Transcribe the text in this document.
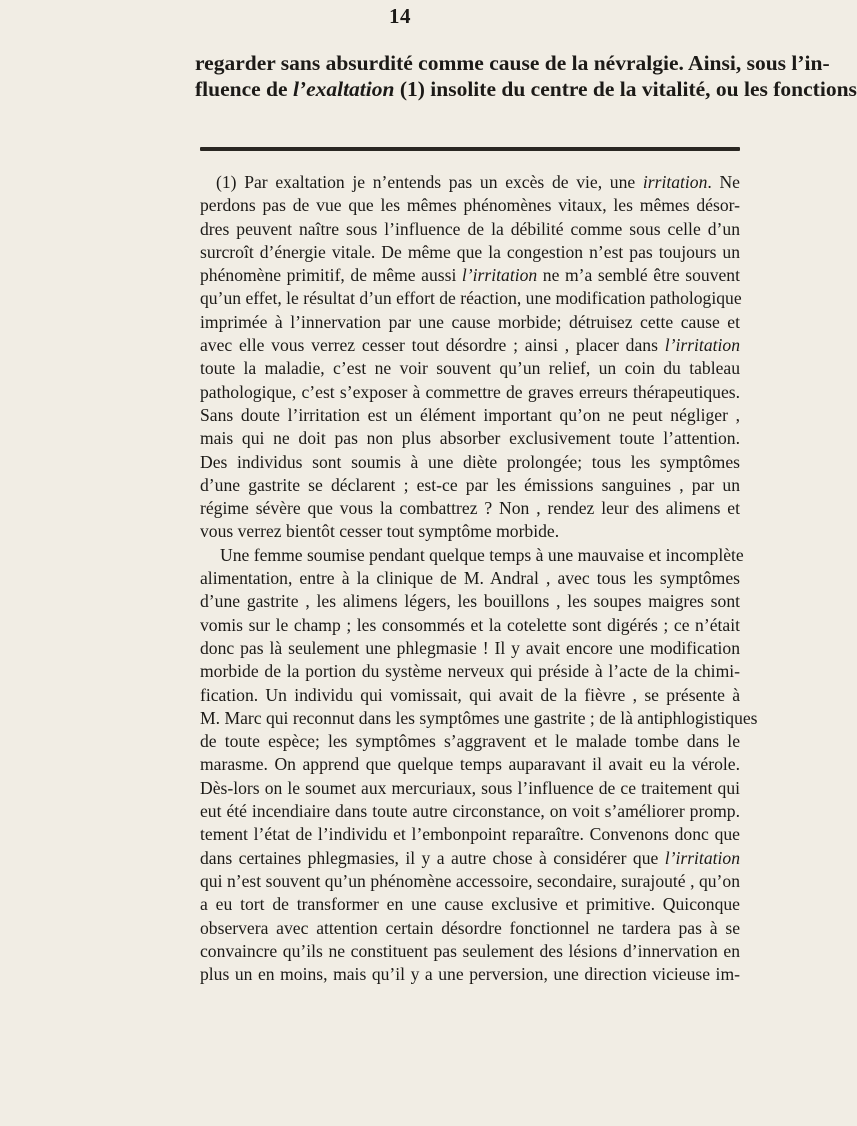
14
regarder sans absurdité comme cause de la névralgie. Ainsi, sous l’in-
fluence de l’exaltation (1) insolite du centre de la vitalité, ou les fonctions
(1) Par exaltation je n’entends pas un excès de vie, une irritation. Ne
perdons pas de vue que les mêmes phénomènes vitaux, les mêmes désor-
dres peuvent naître sous l’influence de la débilité comme sous celle d’un
surcroît d’énergie vitale. De même que la congestion n’est pas toujours un
phénomène primitif, de même aussi l’irritation ne m’a semblé être souvent
qu’un effet, le résultat d’un effort de réaction, une modification pathologique
imprimée à l’innervation par une cause morbide; détruisez cette cause et
avec elle vous verrez cesser tout désordre ; ainsi , placer dans l’irritation
toute la maladie, c’est ne voir souvent qu’un relief, un coin du tableau
pathologique, c’est s’exposer à commettre de graves erreurs thérapeutiques.
Sans doute l’irritation est un élément important qu’on ne peut négliger ,
mais qui ne doit pas non plus absorber exclusivement toute l’attention.
Des individus sont soumis à une diète prolongée; tous les symptômes
d’une gastrite se déclarent ; est-ce par les émissions sanguines , par un
régime sévère que vous la combattrez ? Non , rendez leur des alimens et
vous verrez bientôt cesser tout symptôme morbide.
Une femme soumise pendant quelque temps à une mauvaise et incomplète
alimentation, entre à la clinique de M. Andral , avec tous les symptômes
d’une gastrite , les alimens légers, les bouillons , les soupes maigres sont
vomis sur le champ ; les consommés et la cotelette sont digérés ; ce n’était
donc pas là seulement une phlegmasie ! Il y avait encore une modification
morbide de la portion du système nerveux qui préside à l’acte de la chimi-
fication. Un individu qui vomissait, qui avait de la fièvre , se présente à
M. Marc qui reconnut dans les symptômes une gastrite ; de là antiphlogistiques
de toute espèce; les symptômes s’aggravent et le malade tombe dans le
marasme. On apprend que quelque temps auparavant il avait eu la vérole.
Dès-lors on le soumet aux mercuriaux, sous l’influence de ce traitement qui
eut été incendiaire dans toute autre circonstance, on voit s’améliorer promp.
tement l’état de l’individu et l’embonpoint reparaître. Convenons donc que
dans certaines phlegmasies, il y a autre chose à considérer que l’irritation
qui n’est souvent qu’un phénomène accessoire, secondaire, surajouté , qu’on
a eu tort de transformer en une cause exclusive et primitive. Quiconque
observera avec attention certain désordre fonctionnel ne tardera pas à se
convaincre qu’ils ne constituent pas seulement des lésions d’innervation en
plus un en moins, mais qu’il y a une perversion, une direction vicieuse im-
